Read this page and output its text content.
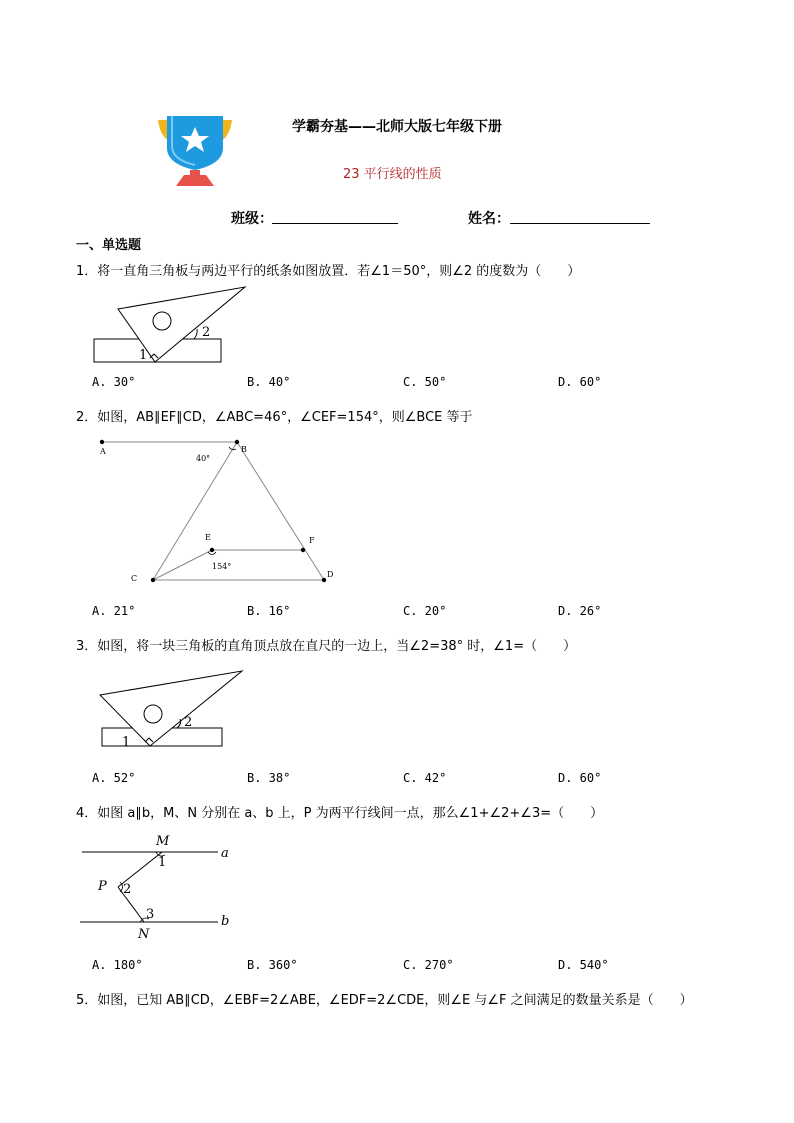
学霸夯基——北师大版七年级下册
23 平行线的性质
班级：	姓名：
一、单选题
1．将一直角三角板与两边平行的纸条如图放置．若∠1＝50°，则∠2 的度数为（　　）
1
2
A. 30°	B. 40°	C. 50°	D. 60°
2．如图，AB∥EF∥CD，∠ABC=46°，∠CEF=154°，则∠BCE 等于
A	B
40°
E	F
154°
C	D
A. 21°	B. 16°	C. 20°	D. 26°
3．如图，将一块三角板的直角顶点放在直尺的一边上，当∠2=38° 时，∠1=（　　）
1
2
A. 52°	B. 38°	C. 42°	D. 60°
4．如图 a∥b，M、N 分别在 a、b 上，P 为两平行线间一点，那么∠1+∠2+∠3=（　　）
M
a
P
b
N
1
2
3
A. 180°	B. 360°	C. 270°	D. 540°
5．如图，已知 AB∥CD，∠EBF=2∠ABE，∠EDF=2∠CDE，则∠E 与∠F 之间满足的数量关系是（　　）
